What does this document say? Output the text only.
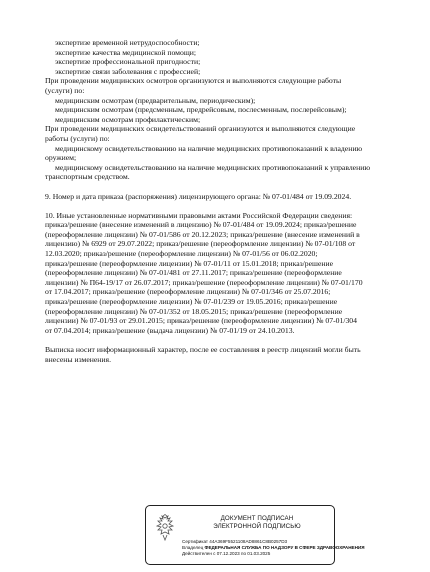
экспертизе временной нетрудоспособности;

экспертизе качества медицинской помощи;

экспертизе профессиональной пригодности;

экспертизе связи заболевания с профессией;

При проведении медицинских осмотров организуются и выполняются следующие работы

(услуги) по:

медицинским осмотрам (предварительным, периодическим);

медицинским осмотрам (предсменным, предрейсовым, послесменным, послерейсовым);

медицинским осмотрам профилактическим;

При проведении медицинских освидетельствований организуются и выполняются следующие

работы (услуги) по:

медицинскому освидетельствованию на наличие медицинских противопоказаний к владению

оружием;

медицинскому освидетельствованию на наличие медицинских противопоказаний к управлению

транспортным средством.

9. Номер и дата приказа (распоряжения) лицензирующего органа: № 07-01/484 от 19.09.2024.

10. Иные установленные нормативными правовыми актами Российской Федерации сведения:

приказ/решение (внесение изменений в лицензию) № 07-01/484 от 19.09.2024; приказ/решение

(переоформление лицензии) № 07-01/586 от 20.12.2023; приказ/решение (внесение изменений в

лицензию) № 6929 от 29.07.2022; приказ/решение (переоформление лицензии) № 07-01/108 от

12.03.2020; приказ/решение (переоформление лицензии) № 07-01/56 от 06.02.2020;

приказ/решение (переоформление лицензии) № 07-01/11 от 15.01.2018; приказ/решение

(переоформление лицензии) № 07-01/481 от 27.11.2017; приказ/решение (переоформление

лицензии) № П64-19/17 от 26.07.2017; приказ/решение (переоформление лицензии) № 07-01/170

от 17.04.2017; приказ/решение (переоформление лицензии) № 07-01/346 от 25.07.2016;

приказ/решение (переоформление лицензии) № 07-01/239 от 19.05.2016; приказ/решение

(переоформление лицензии) № 07-01/352 от 18.05.2015; приказ/решение (переоформление

лицензии) № 07-01/93 от 29.01.2015; приказ/решение (переоформление лицензии) № 07-01/304

от 07.04.2014; приказ/решение (выдача лицензии) № 07-01/19 от 24.10.2013.

Выписка носит информационный характер, после ее составления в реестр лицензий могли быть

внесены изменения.

ДОКУМЕНТ ПОДПИСАН
ЭЛЕКТРОННОЙ ПОДПИСЬЮ
Сертификат 44A369F5521108AD8861C8B0257D3
Владелец ФЕДЕРАЛЬНАЯ СЛУЖБА ПО НАДЗОРУ В СФЕРЕ ЗДРАВООХРАНЕНИЯ
Действителен с 07.12.2023 по 01.03.2025
